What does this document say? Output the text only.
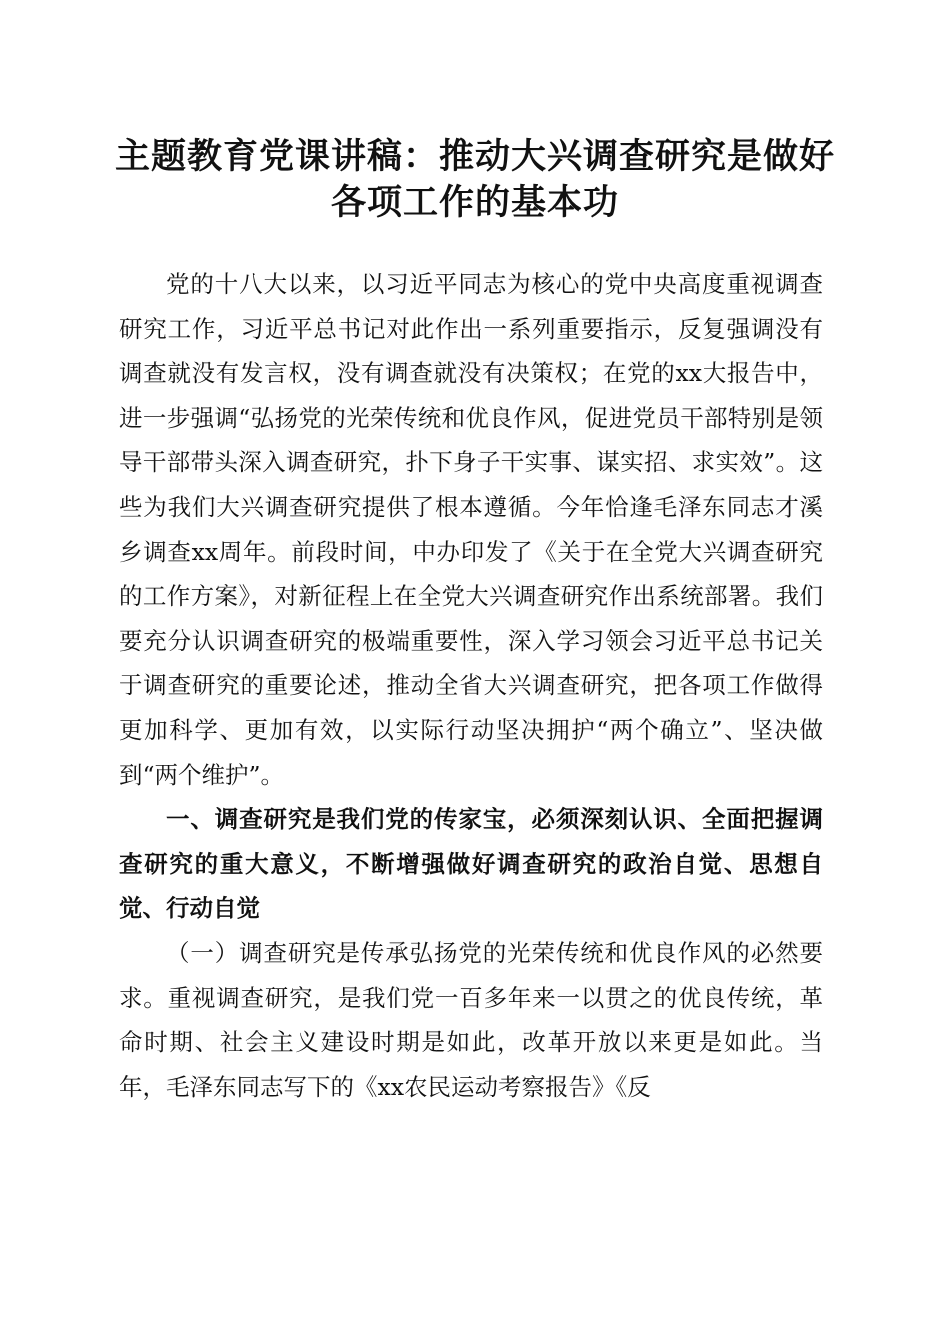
主题教育党课讲稿：推动大兴调查研究是做好
各项工作的基本功

党的十八大以来，以习近平同志为核心的党中央高度重视调查研究工作，习近平总书记对此作出一系列重要指示，反复强调没有调查就没有发言权，没有调查就没有决策权；在党的xx大报告中，进一步强调“弘扬党的光荣传统和优良作风，促进党员干部特别是领导干部带头深入调查研究，扑下身子干实事、谋实招、求实效”。这些为我们大兴调查研究提供了根本遵循。今年恰逢毛泽东同志才溪乡调查xx周年。前段时间，中办印发了《关于在全党大兴调查研究的工作方案》，对新征程上在全党大兴调查研究作出系统部署。我们要充分认识调查研究的极端重要性，深入学习领会习近平总书记关于调查研究的重要论述，推动全省大兴调查研究，把各项工作做得更加科学、更加有效，以实际行动坚决拥护“两个确立”、坚决做到“两个维护”。

一、调查研究是我们党的传家宝，必须深刻认识、全面把握调查研究的重大意义，不断增强做好调查研究的政治自觉、思想自觉、行动自觉

（一）调查研究是传承弘扬党的光荣传统和优良作风的必然要求。重视调查研究，是我们党一百多年来一以贯之的优良传统，革命时期、社会主义建设时期是如此，改革开放以来更是如此。当年，毛泽东同志写下的《xx农民运动考察报告》《反
